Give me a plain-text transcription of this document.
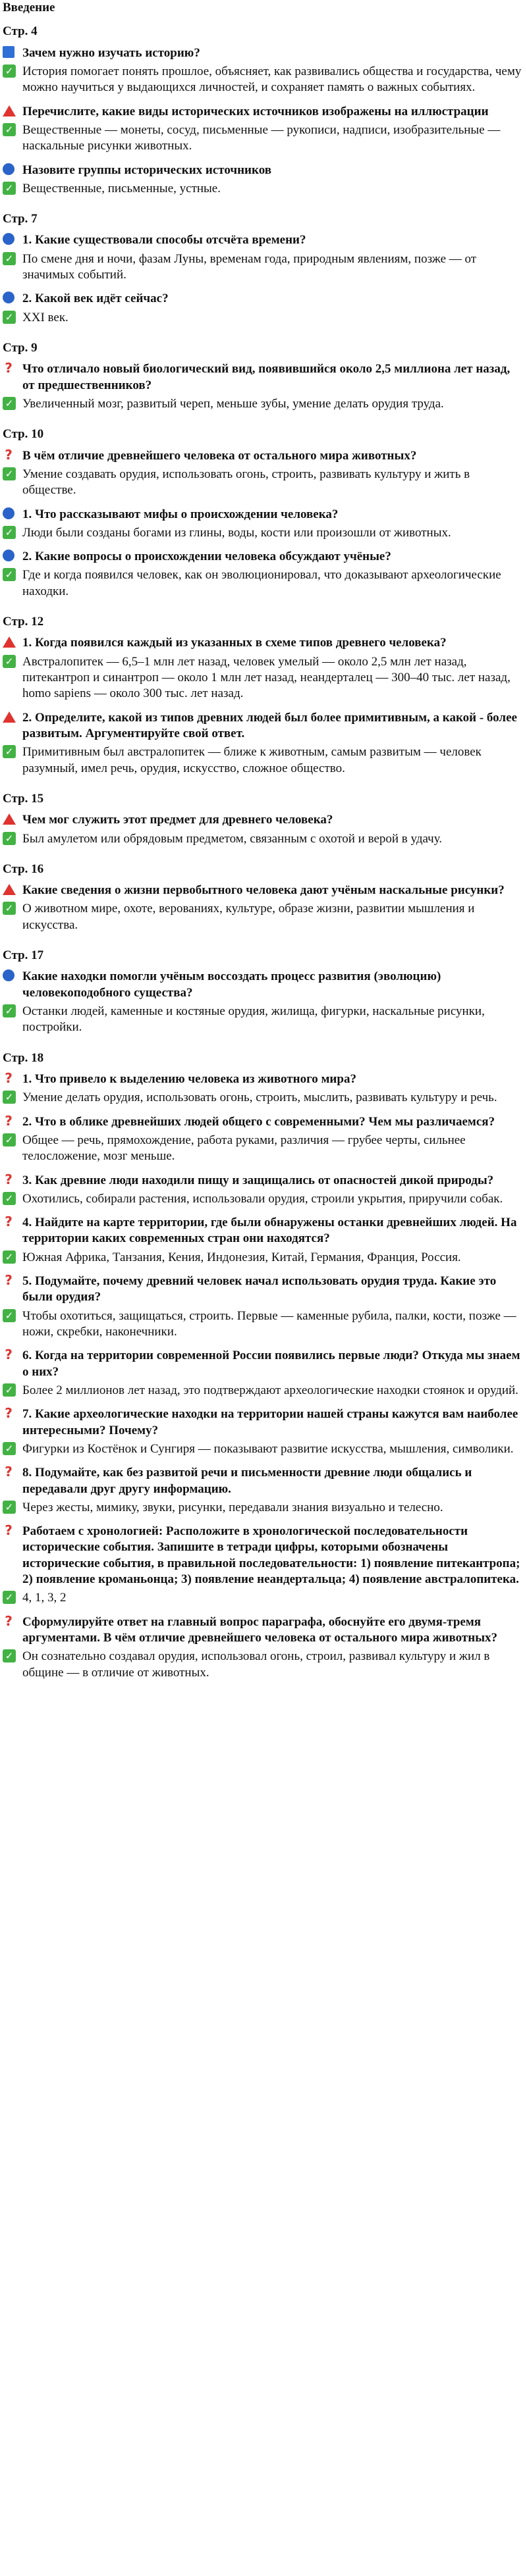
Введение
Стр. 4
Зачем нужно изучать историю?
✓ История помогает понять прошлое, объясняет, как развивались общества и государства, чему можно научиться у выдающихся личностей, и сохраняет память о важных событиях.
Перечислите, какие виды исторических источников изображены на иллюстрации
✓ Вещественные — монеты, сосуд, письменные — рукописи, надписи, изобразительные — наскальные рисунки животных.
Назовите группы исторических источников
✓ Вещественные, письменные, устные.
Стр. 7
1. Какие существовали способы отсчёта времени?
✓ По смене дня и ночи, фазам Луны, временам года, природным явлениям, позже — от значимых событий.
2. Какой век идёт сейчас?
✓ XXI век.
Стр. 9
? Что отличало новый биологический вид, появившийся около 2,5 миллиона лет назад, от предшественников?
✓ Увеличенный мозг, развитый череп, меньше зубы, умение делать орудия труда.
Стр. 10
? В чём отличие древнейшего человека от остального мира животных?
✓ Умение создавать орудия, использовать огонь, строить, развивать культуру и жить в обществе.
1. Что рассказывают мифы о происхождении человека?
✓ Люди были созданы богами из глины, воды, кости или произошли от животных.
2. Какие вопросы о происхождении человека обсуждают учёные?
✓ Где и когда появился человек, как он эволюционировал, что доказывают археологические находки.
Стр. 12
1. Когда появился каждый из указанных в схеме типов древнего человека?
✓ Австралопитек — 6,5–1 млн лет назад, человек умелый — около 2,5 млн лет назад, питекантроп и синантроп — около 1 млн лет назад, неандерталец — 300–40 тыс. лет назад, homo sapiens — около 300 тыс. лет назад.
2. Определите, какой из типов древних людей был более примитивным, а какой - более развитым. Аргументируйте свой ответ.
✓ Примитивным был австралопитек — ближе к животным, самым развитым — человек разумный, имел речь, орудия, искусство, сложное общество.
Стр. 15
Чем мог служить этот предмет для древнего человека?
✓ Был амулетом или обрядовым предметом, связанным с охотой и верой в удачу.
Стр. 16
Какие сведения о жизни первобытного человека дают учёным наскальные рисунки?
✓ О животном мире, охоте, верованиях, культуре, образе жизни, развитии мышления и искусства.
Стр. 17
Какие находки помогли учёным воссоздать процесс развития (эволюцию) человекоподобного существа?
✓ Останки людей, каменные и костяные орудия, жилища, фигурки, наскальные рисунки, постройки.
Стр. 18
? 1. Что привело к выделению человека из животного мира?
✓ Умение делать орудия, использовать огонь, строить, мыслить, развивать культуру и речь.
? 2. Что в облике древнейших людей общего с современными? Чем мы различаемся?
✓ Общее — речь, прямохождение, работа руками, различия — грубее черты, сильнее телосложение, мозг меньше.
? 3. Как древние люди находили пищу и защищались от опасностей дикой природы?
✓ Охотились, собирали растения, использовали орудия, строили укрытия, приручили собак.
? 4. Найдите на карте территории, где были обнаружены останки древнейших людей. На территории каких современных стран они находятся?
✓ Южная Африка, Танзания, Кения, Индонезия, Китай, Германия, Франция, Россия.
? 5. Подумайте, почему древний человек начал использовать орудия труда. Какие это были орудия?
✓ Чтобы охотиться, защищаться, строить. Первые — каменные рубила, палки, кости, позже — ножи, скребки, наконечники.
? 6. Когда на территории современной России появились первые люди? Откуда мы знаем о них?
✓ Более 2 миллионов лет назад, это подтверждают археологические находки стоянок и орудий.
? 7. Какие археологические находки на территории нашей страны кажутся вам наиболее интересными? Почему?
✓ Фигурки из Костёнок и Сунгиря — показывают развитие искусства, мышления, символики.
? 8. Подумайте, как без развитой речи и письменности древние люди общались и передавали друг другу информацию.
✓ Через жесты, мимику, звуки, рисунки, передавали знания визуально и телесно.
? Работаем с хронологией: Расположите в хронологической последовательности исторические события. Запишите в тетради цифры, которыми обозначены исторические события, в правильной последовательности: 1) появление питекантропа; 2) появление кроманьонца; 3) появление неандертальца; 4) появление австралопитека.
✓ 4, 1, 3, 2
? Сформулируйте ответ на главный вопрос параграфа, обоснуйте его двумя-тремя аргументами. В чём отличие древнейшего человека от остального мира животных?
✓ Он сознательно создавал орудия, использовал огонь, строил, развивал культуру и жил в общине — в отличие от животных.
